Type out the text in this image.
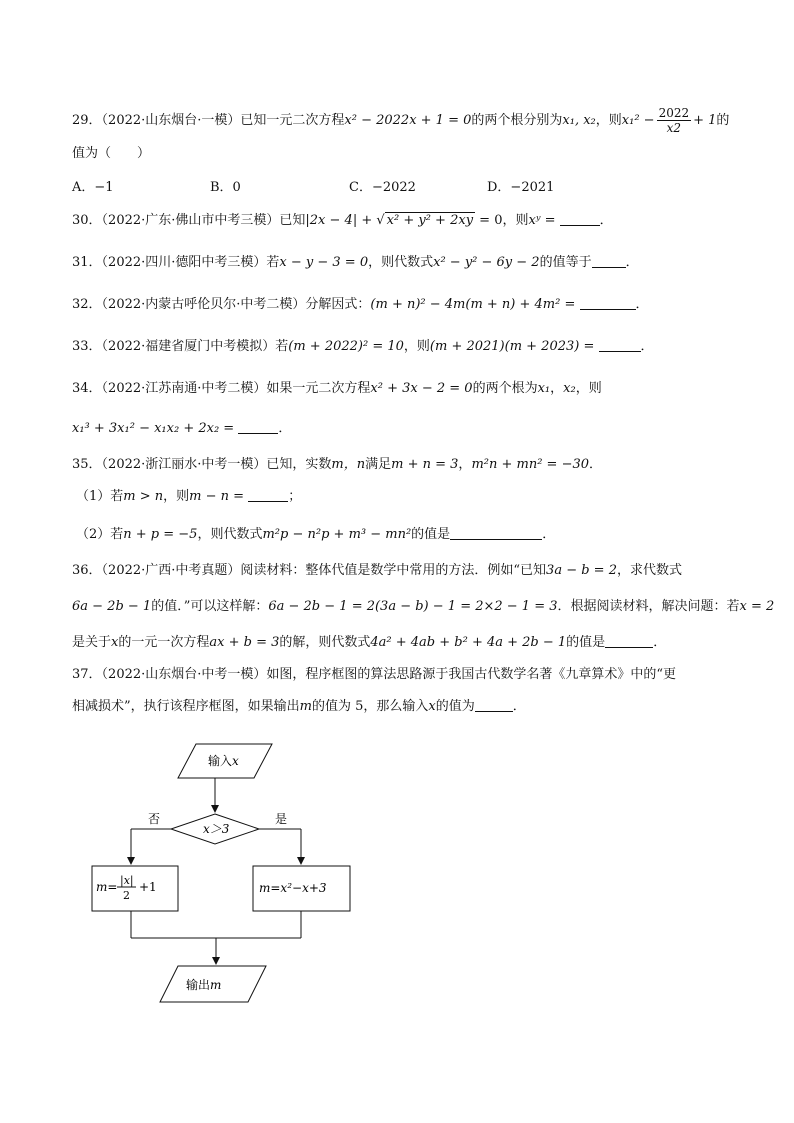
29．（2022·山东烟台·一模）已知一元二次方程x² − 2022x + 1 = 0的两个根分别为x₁, x₂，则$x_1^2 - \frac{2022}{x2} + 1$的
值为（　　）
A．−1	B．0	C．−2022	D．−2021
30．（2022·广东·佛山市中考三模）已知|2x − 4| + √ x² + y² + 2xy = 0，则xʸ =	．
31．（2022·四川·德阳中考三模）若x − y − 3 = 0，则代数式x² − y² − 6y − 2的值等于	．
32．（2022·内蒙古呼伦贝尔·中考二模）分解因式：(m + n)² − 4m(m + n) + 4m² =	．
33．（2022·福建省厦门中考模拟）若(m + 2022)² = 10，则(m + 2021)(m + 2023) =	．
34．（2022·江苏南通·中考二模）如果一元二次方程x² + 3x − 2 = 0的两个根为x₁，x₂，则
x₁³ + 3x₁² − x₁x₂ + 2x₂ =	．
35．（2022·浙江丽水·中考一模）已知，实数m，n满足m + n = 3，m²n + mn² = −30．
（1）若m > n，则m − n =	；
（2）若n + p = −5，则代数式m²p − n²p + m³ − mn²的值是	．
36．（2022·广西·中考真题）阅读材料：整体代值是数学中常用的方法．例如“已知3a − b = 2，求代数式
6a − 2b − 1的值．”可以这样解：6a − 2b − 1 = 2(3a − b) − 1 = 2×2 − 1 = 3．根据阅读材料，解决问题：若x = 2
是关于x的一元一次方程ax + b = 3的解，则代数式4a² + 4ab + b² + 4a + 2b − 1的值是	．
37．（2022·山东烟台·中考一模）如图，程序框图的算法思路源于我国古代数学名著《九章算术》中的“更
相减损术”，执行该程序框图，如果输出m的值为 5，那么输入x的值为	．
输入x
x＞3
否	是
m= |x|
2
+1	m=x²−x+3
输出m
